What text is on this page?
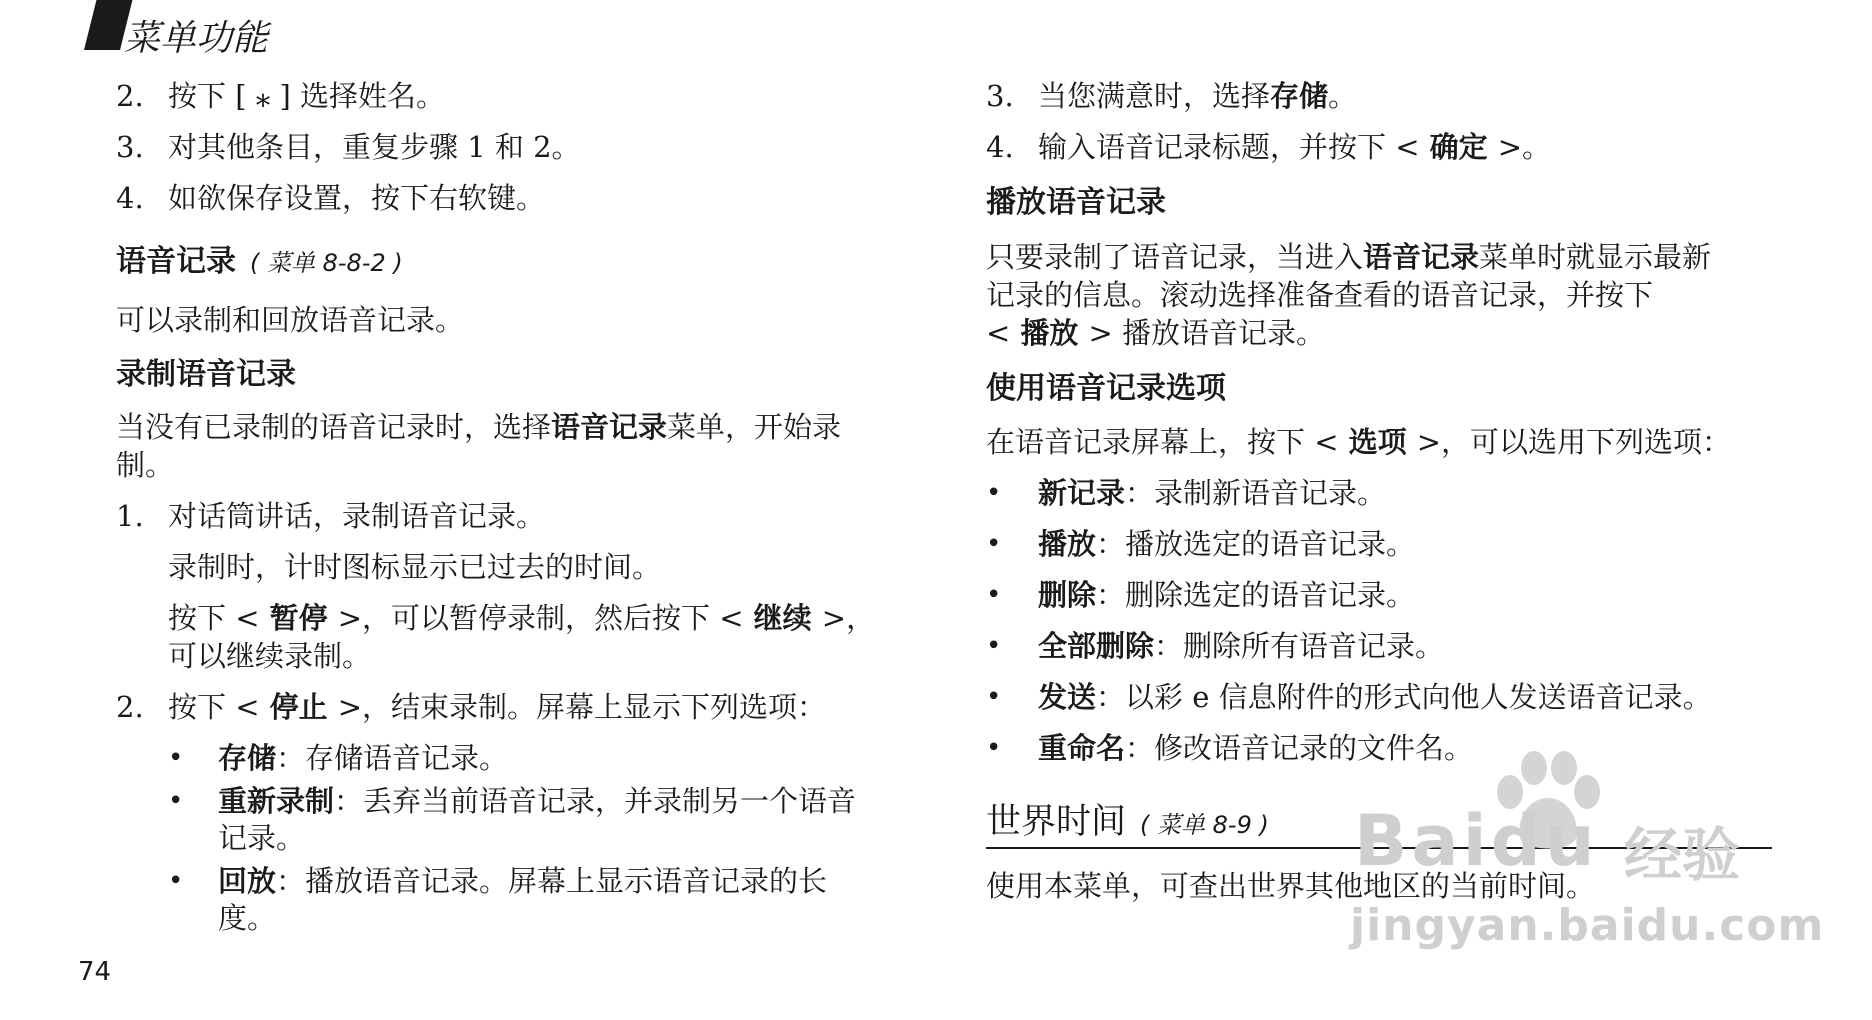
菜单功能
2. 按下 [ ⁎ ] 选择姓名。
3. 对其他条目，重复步骤 1 和 2。
4. 如欲保存设置，按下右软键。
语音记录 ( 菜单 8-8-2 )
可以录制和回放语音记录。
录制语音记录
当没有已录制的语音记录时，选择语音记录菜单，开始录
制。
1. 对话筒讲话，录制语音记录。
录制时，计时图标显示已过去的时间。
按下 < 暂停 >，可以暂停录制，然后按下 < 继续 >，
可以继续录制。
2. 按下 < 停止 >，结束录制。屏幕上显示下列选项：
• 存储：存储语音记录。
• 重新录制：丢弃当前语音记录，并录制另一个语音
记录。
• 回放：播放语音记录。屏幕上显示语音记录的长
度。
74
3. 当您满意时，选择存储。
4. 输入语音记录标题，并按下 < 确定 >。
播放语音记录
只要录制了语音记录，当进入语音记录菜单时就显示最新
记录的信息。滚动选择准备查看的语音记录，并按下
< 播放 > 播放语音记录。
使用语音记录选项
在语音记录屏幕上，按下 < 选项 >，可以选用下列选项：
• 新记录：录制新语音记录。
• 播放：播放选定的语音记录。
• 删除：删除选定的语音记录。
• 全部删除：删除所有语音记录。
• 发送：以彩 e 信息附件的形式向他人发送语音记录。
• 重命名：修改语音记录的文件名。
世界时间 ( 菜单 8-9 )
使用本菜单，可查出世界其他地区的当前时间。
Baidu 经验
jingyan.baidu.com
